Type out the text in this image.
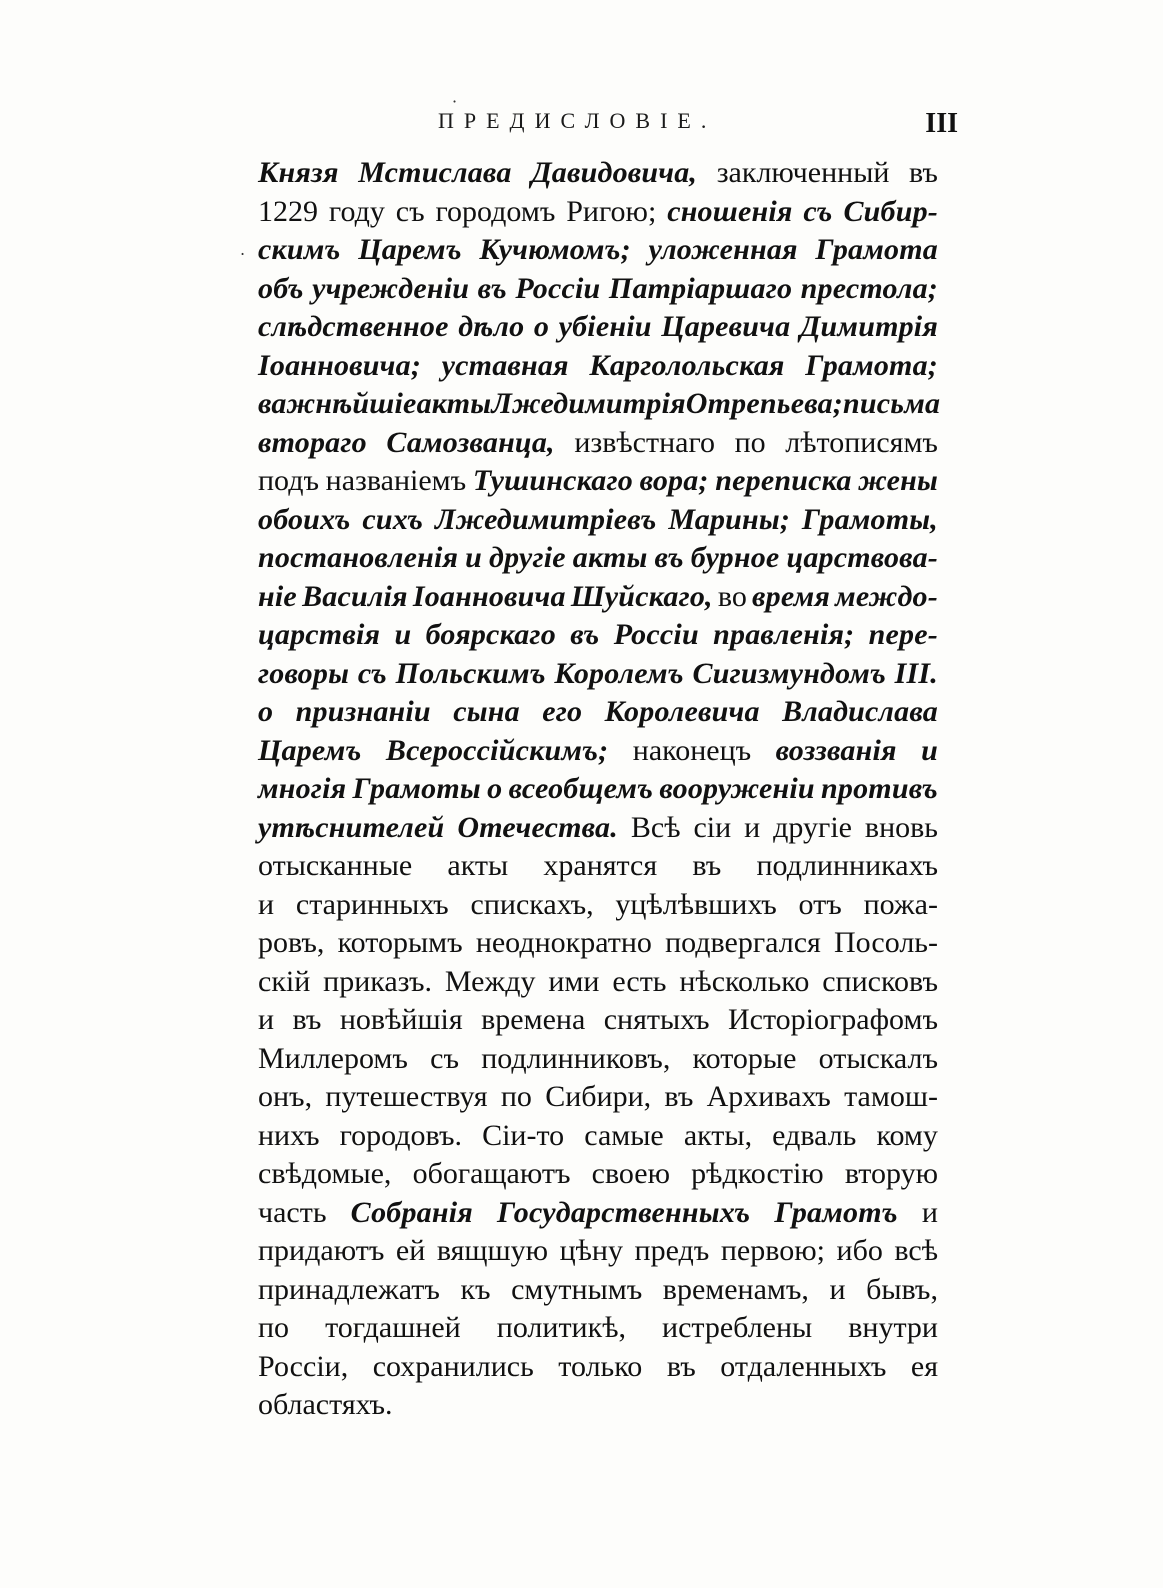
ПРЕДИСЛОВІЕ.	III
·
.
Князя Мстислава Давидовича, заключенный въ
1229 году съ городомъ Ригою; сношенія съ Сибир-
скимъ Царемъ Кучюмомъ; уложенная Грамота
объ учрежденіи въ Россіи Патріаршаго престола;
слѣдственное дѣло о убіеніи Царевича Димитрія
Іоанновича; уставная Карголольская Грамота;
важнѣйшіе акты Лжедимитрія Отрепьева; письма
втораго Самозванца, извѣстнаго по лѣтописямъ
подъ названіемъ Тушинскаго вора; переписка жены
обоихъ сихъ Лжедимитріевъ Марины; Грамоты,
постановленія и другіе акты въ бурное царствова-
ніе Василія Іоанновича Шуйскаго, во время междо-
царствія и боярскаго въ Россіи правленія; пере-
говоры съ Польскимъ Королемъ Сигизмундомъ III.
о признаніи сына его Королевича Владислава
Царемъ Всероссійскимъ; наконецъ воззванія и
многія Грамоты о всеобщемъ вооруженіи противъ
утѣснителей Отечества. Всѣ сіи и другіе вновь
отысканные акты хранятся въ подлинникахъ
и старинныхъ спискахъ, уцѣлѣвшихъ отъ пожа-
ровъ, которымъ неоднократно подвергался Посоль-
скій приказъ. Между ими есть нѣсколько списковъ
и въ новѣйшія времена снятыхъ Исторіографомъ
Миллеромъ съ подлинниковъ, которые отыскалъ
онъ, путешествуя по Сибири, въ Архивахъ тамош-
нихъ городовъ. Сіи-то самые акты, едваль кому
свѣдомые, обогащаютъ своею рѣдкостію вторую
часть Собранія Государственныхъ Грамотъ и
придаютъ ей вящшую цѣну предъ первою; ибо всѣ
принадлежатъ къ смутнымъ временамъ, и бывъ,
по тогдашней политикѣ, истреблены внутри
Россіи, сохранились только въ отдаленныхъ ея
областяхъ.
